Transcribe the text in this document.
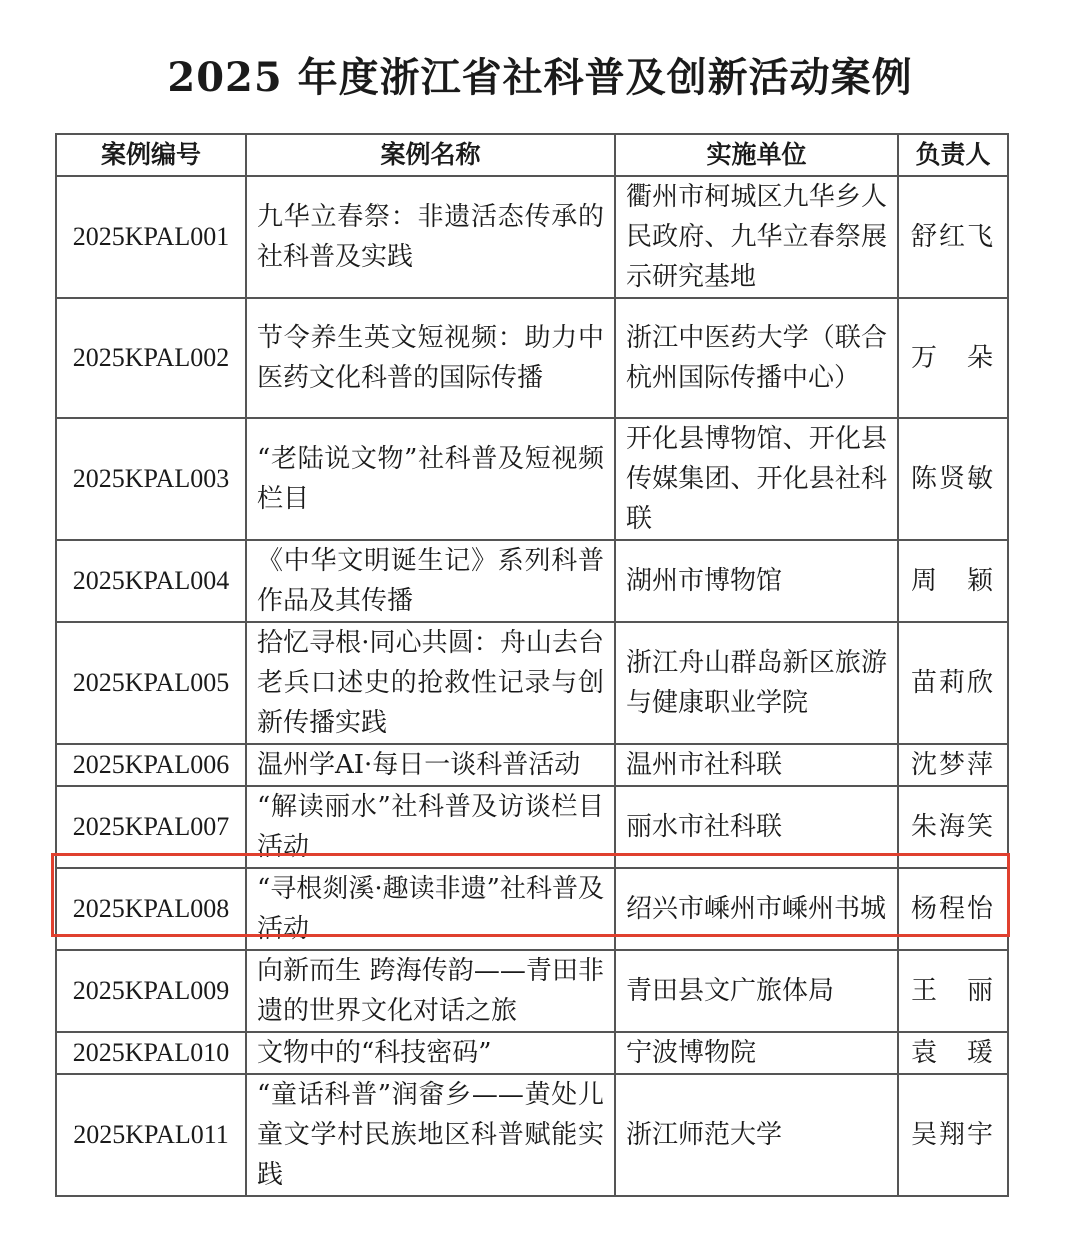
2025 年度浙江省社科普及创新活动案例
案例编号	案例名称	实施单位	负责人
2025KPAL001	九华立春祭：非遗活态传承的社科普及实践	衢州市柯城区九华乡人民政府、九华立春祭展示研究基地	舒红飞
2025KPAL002	节令养生英文短视频：助力中医药文化科普的国际传播	浙江中医药大学（联合杭州国际传播中心）	万　朵
2025KPAL003	“老陆说文物”社科普及短视频栏目	开化县博物馆、开化县传媒集团、开化县社科联	陈贤敏
2025KPAL004	《中华文明诞生记》系列科普作品及其传播	湖州市博物馆	周　颖
2025KPAL005	拾忆寻根·同心共圆：舟山去台老兵口述史的抢救性记录与创新传播实践	浙江舟山群岛新区旅游与健康职业学院	苗莉欣
2025KPAL006	温州学AI·每日一谈科普活动	温州市社科联	沈梦萍
2025KPAL007	“解读丽水”社科普及访谈栏目活动	丽水市社科联	朱海笑
2025KPAL008	“寻根剡溪·趣读非遗”社科普及活动	绍兴市嵊州市嵊州书城	杨程怡
2025KPAL009	向新而生 跨海传韵——青田非遗的世界文化对话之旅	青田县文广旅体局	王　丽
2025KPAL010	文物中的“科技密码”	宁波博物院	袁　瑗
2025KPAL011	“童话科普”润畲乡——黄处儿童文学村民族地区科普赋能实践	浙江师范大学	吴翔宇
